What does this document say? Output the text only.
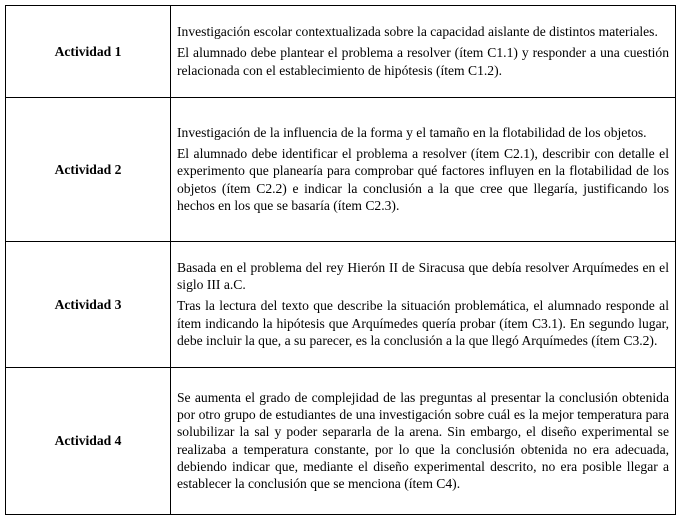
Actividad 1	Investigación escolar contextualizada sobre la capacidad aislante de distintos materiales.

El alumnado debe plantear el problema a resolver (ítem C1.1) y responder a una cuestión relacionada con el establecimiento de hipótesis (ítem C1.2).

Actividad 2	Investigación de la influencia de la forma y el tamaño en la flotabilidad de los objetos.

El alumnado debe identificar el problema a resolver (ítem C2.1), describir con detalle el experimento que planearía para comprobar qué factores influyen en la flotabilidad de los objetos (ítem C2.2) e indicar la conclusión a la que cree que llegaría, justificando los hechos en los que se basaría (ítem C2.3).

Actividad 3	Basada en el problema del rey Hierón II de Siracusa que debía resolver Arquímedes en el siglo III a.C.

Tras la lectura del texto que describe la situación problemática, el alumnado responde al ítem indicando la hipótesis que Arquímedes quería probar (ítem C3.1). En segundo lugar, debe incluir la que, a su parecer, es la conclusión a la que llegó Arquímedes (ítem C3.2).

Actividad 4	Se aumenta el grado de complejidad de las preguntas al presentar la conclusión obtenida por otro grupo de estudiantes de una investigación sobre cuál es la mejor temperatura para solubilizar la sal y poder separarla de la arena. Sin embargo, el diseño experimental se realizaba a temperatura constante, por lo que la conclusión obtenida no era adecuada, debiendo indicar que, mediante el diseño experimental descrito, no era posible llegar a establecer la conclusión que se menciona (ítem C4).
